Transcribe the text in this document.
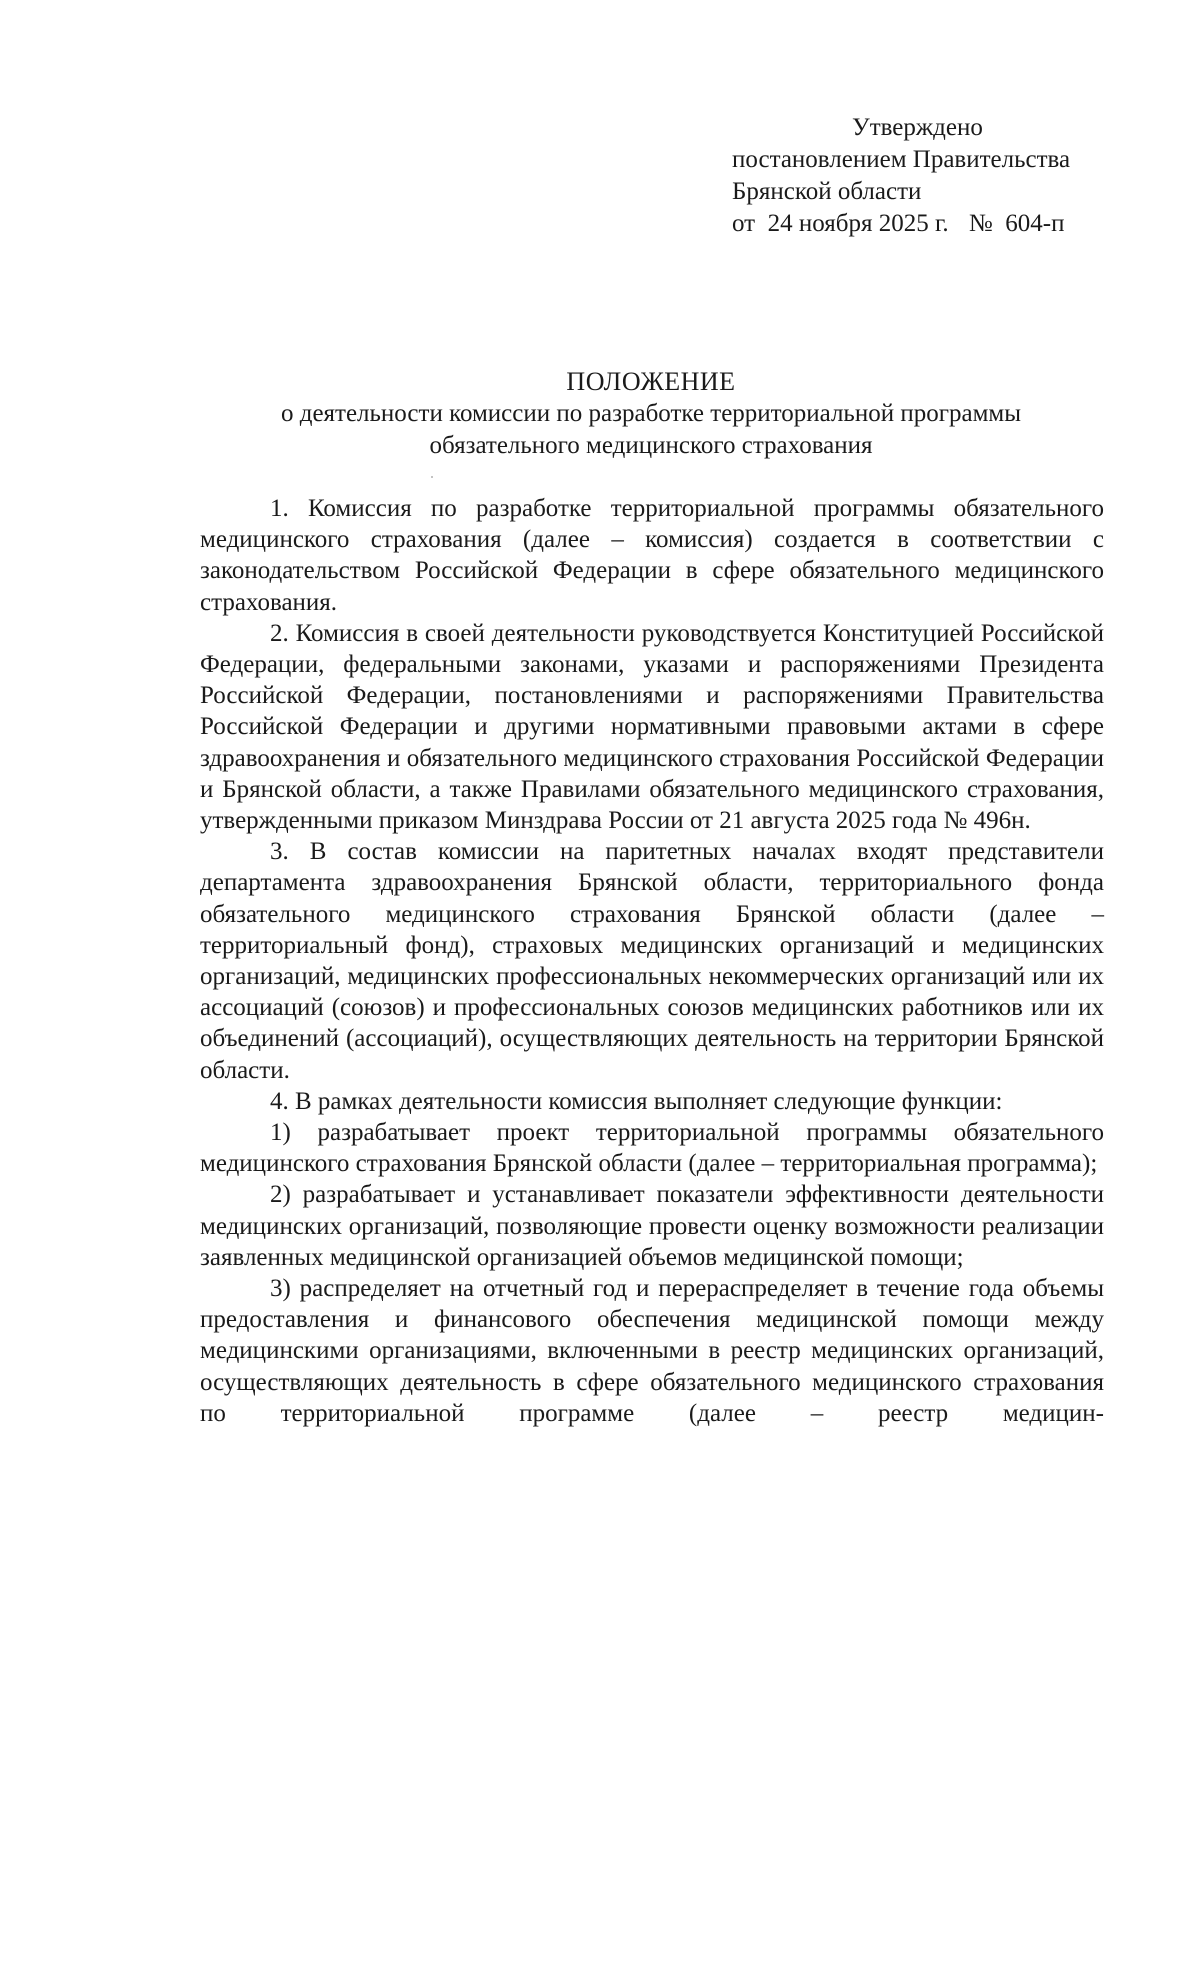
Утверждено
постановлением Правительства
Брянской области
от  24 ноября 2025 г. №  604-п
ПОЛОЖЕНИЕ
о деятельности комиссии по разработке территориальной программы
обязательного медицинского страхования

1. Комиссия по разработке территориальной программы обязательного медицинского страхования (далее – комиссия) создается в соответствии с законодательством Российской Федерации в сфере обязательного медицинского страхования.

2. Комиссия в своей деятельности руководствуется Конституцией Российской Федерации, федеральными законами, указами и распоряжениями Президента Российской Федерации, постановлениями и распоряжениями Правительства Российской Федерации и другими нормативными правовыми актами в сфере здравоохранения и обязательного медицинского страхования Российской Федерации и Брянской области, а также Правилами обязательного медицинского страхования, утвержденными приказом Минздрава России от 21 августа 2025 года № 496н.

3. В состав комиссии на паритетных началах входят представители департамента здравоохранения Брянской области, территориального фонда обязательного медицинского страхования Брянской области (далее – территориальный фонд), страховых медицинских организаций и медицинских организаций, медицинских профессиональных некоммерческих организаций или их ассоциаций (союзов) и профессиональных союзов медицинских работников или их объединений (ассоциаций), осуществляющих деятельность на территории Брянской области.

4. В рамках деятельности комиссия выполняет следующие функции:

1) разрабатывает проект территориальной программы обязательного медицинского страхования Брянской области (далее – территориальная программа);

2) разрабатывает и устанавливает показатели эффективности деятельности медицинских организаций, позволяющие провести оценку возможности реализации заявленных медицинской организацией объемов медицинской помощи;

3) распределяет на отчетный год и перераспределяет в течение года объемы предоставления и финансового обеспечения медицинской помощи между медицинскими организациями, включенными в реестр медицинских организаций, осуществляющих деятельность в сфере обязательного медицинского страхования по территориальной программе (далее – реестр медицин-
